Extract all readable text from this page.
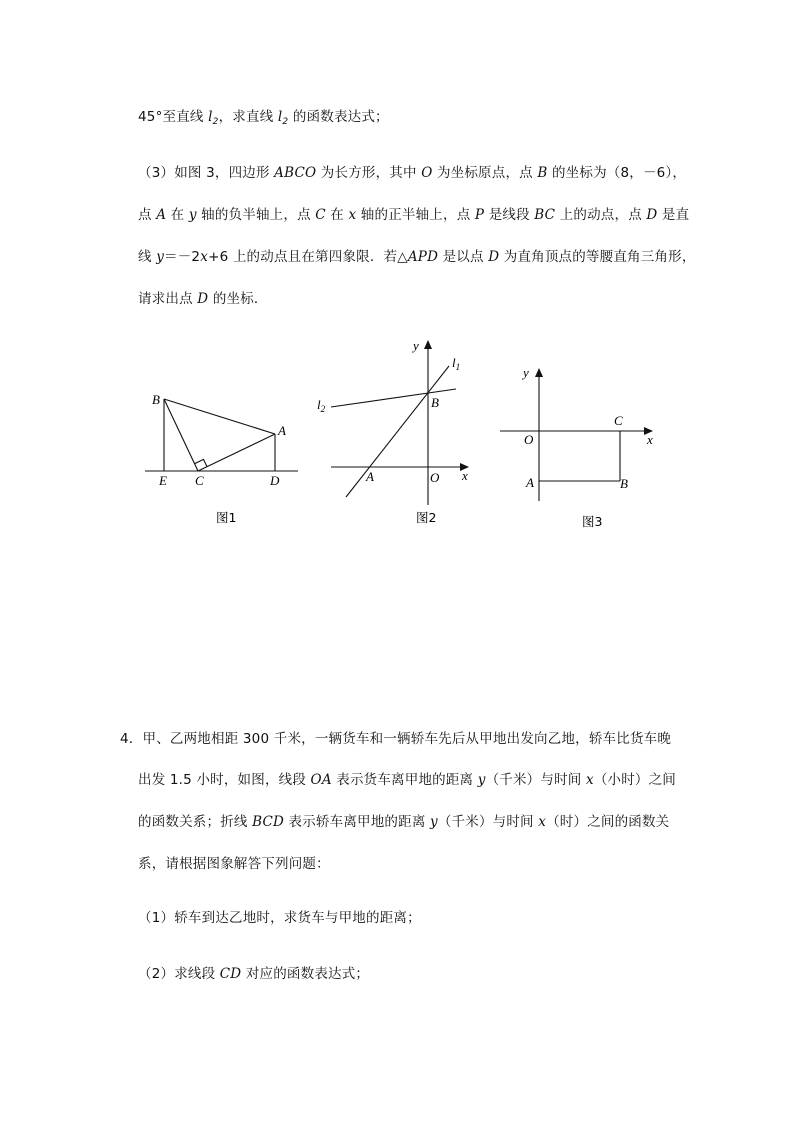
45°至直线 $l_2$，求直线 $l_2$ 的函数表达式；
（3）如图 3，四边形 ABCO 为长方形，其中 O 为坐标原点，点 B 的坐标为（8，－6），
点 A 在 y 轴的负半轴上，点 C 在 x 轴的正半轴上，点 P 是线段 BC 上的动点，点 D 是直
线 y＝－2x+6 上的动点且在第四象限．若△APD 是以点 D 为直角顶点的等腰直角三角形，
请求出点 D 的坐标．
B
A
E C	D
图1
y
$l_1$
$l_2$	B
A	O x
图2
y
C
O	x
A	B
图3
4．甲、乙两地相距 300 千米，一辆货车和一辆轿车先后从甲地出发向乙地，轿车比货车晚
出发 1.5 小时，如图，线段 OA 表示货车离甲地的距离 y（千米）与时间 x（小时）之间
的函数关系；折线 BCD 表示轿车离甲地的距离 y（千米）与时间 x（时）之间的函数关
系，请根据图象解答下列问题：
（1）轿车到达乙地时，求货车与甲地的距离；
（2）求线段 CD 对应的函数表达式；
